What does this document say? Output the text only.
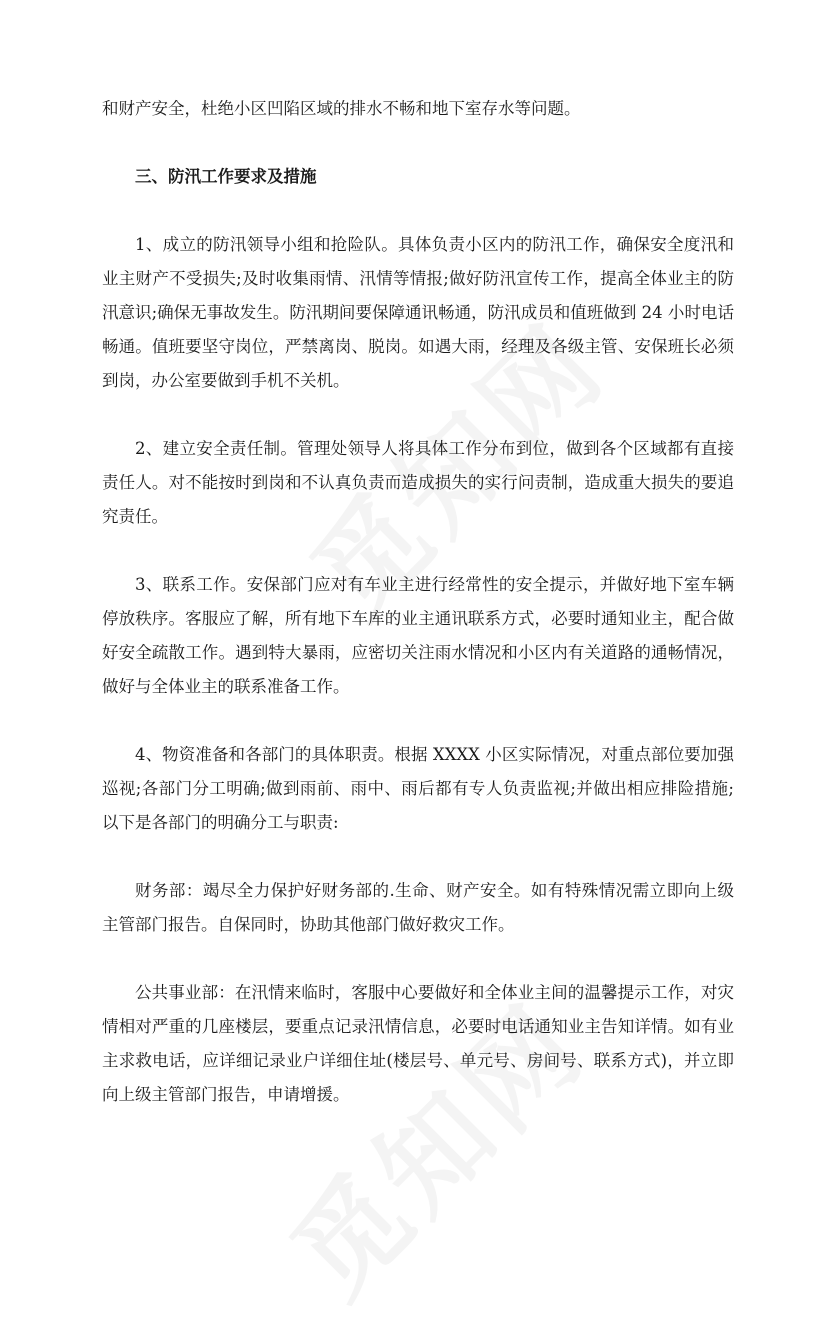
和财产安全，杜绝小区凹陷区域的排水不畅和地下室存水等问题。

三、防汛工作要求及措施

1、成立的防汛领导小组和抢险队。具体负责小区内的防汛工作，确保安全度汛和业主财产不受损失;及时收集雨情、汛情等情报;做好防汛宣传工作，提高全体业主的防汛意识;确保无事故发生。防汛期间要保障通讯畅通，防汛成员和值班做到 24 小时电话畅通。值班要坚守岗位，严禁离岗、脱岗。如遇大雨，经理及各级主管、安保班长必须到岗，办公室要做到手机不关机。

2、建立安全责任制。管理处领导人将具体工作分布到位，做到各个区域都有直接责任人。对不能按时到岗和不认真负责而造成损失的实行问责制，造成重大损失的要追究责任。

3、联系工作。安保部门应对有车业主进行经常性的安全提示，并做好地下室车辆停放秩序。客服应了解，所有地下车库的业主通讯联系方式，必要时通知业主，配合做好安全疏散工作。遇到特大暴雨，应密切关注雨水情况和小区内有关道路的通畅情况，做好与全体业主的联系准备工作。

4、物资准备和各部门的具体职责。根据 XXXX 小区实际情况，对重点部位要加强巡视;各部门分工明确;做到雨前、雨中、雨后都有专人负责监视;并做出相应排险措施;以下是各部门的明确分工与职责:

财务部：竭尽全力保护好财务部的.生命、财产安全。如有特殊情况需立即向上级主管部门报告。自保同时，协助其他部门做好救灾工作。

公共事业部：在汛情来临时，客服中心要做好和全体业主间的温馨提示工作，对灾情相对严重的几座楼层，要重点记录汛情信息，必要时电话通知业主告知详情。如有业主求救电话，应详细记录业户详细住址(楼层号、单元号、房间号、联系方式)，并立即向上级主管部门报告，申请增援。
